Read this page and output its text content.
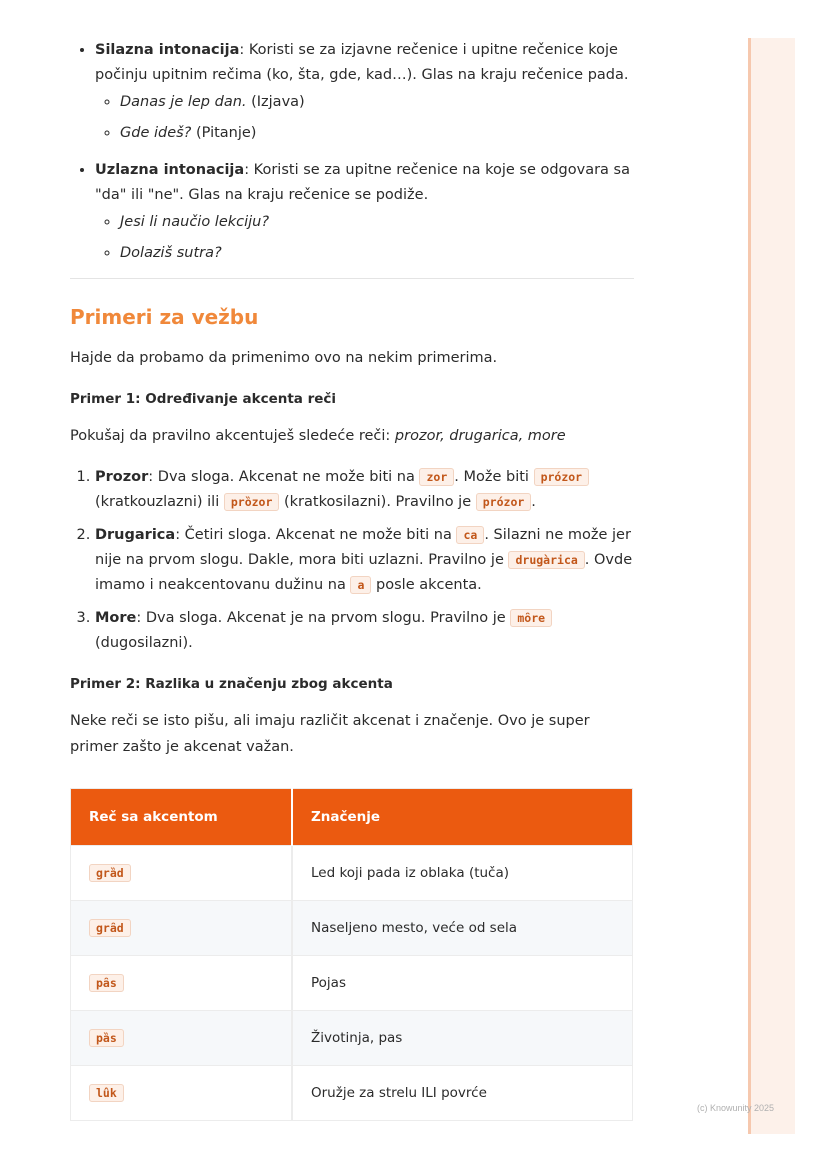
(c) Knowunity 2025
• Silazna intonacija: Koristi se za izjavne rečenice i upitne rečenice koje počinju upitnim rečima (ko, šta, gde, kad…). Glas na kraju rečenice pada.
◦ Danas je lep dan. (Izjava)
◦ Gde ideš? (Pitanje)
• Uzlazna intonacija: Koristi se za upitne rečenice na koje se odgovara sa "da" ili "ne". Glas na kraju rečenice se podiže.
◦ Jesi li naučio lekciju?
◦ Dolaziš sutra?
Primeri za vežbu

Hajde da probamo da primenimo ovo na nekim primerima.

Primer 1: Određivanje akcenta reči

Pokušaj da pravilno akcentuješ sledeće reči: prozor, drugarica, more

1. Prozor: Dva sloga. Akcenat ne može biti na zor . Može biti prózor (kratkouzlazni) ili prȍzor (kratkosilazni). Pravilno je prózor .
2. Drugarica: Četiri sloga. Akcenat ne može biti na ca . Silazni ne može jer nije na prvom slogu. Dakle, mora biti uzlazni. Pravilno je drugàrica . Ovde imamo i neakcentovanu dužinu na a posle akcenta.
3. More: Dva sloga. Akcenat je na prvom slogu. Pravilno je mȏre (dugosilazni).
Primer 2: Razlika u značenju zbog akcenta

Neke reči se isto pišu, ali imaju različit akcenat i značenje. Ovo je super primer zašto je akcenat važan.

Reč sa akcentom	Značenje
grȁd	Led koji pada iz oblaka (tuča)
grȃd	Naseljeno mesto, veće od sela
pȃs	Pojas
pȁs	Životinja, pas
lûk	Oružje za strelu ILI povrće
